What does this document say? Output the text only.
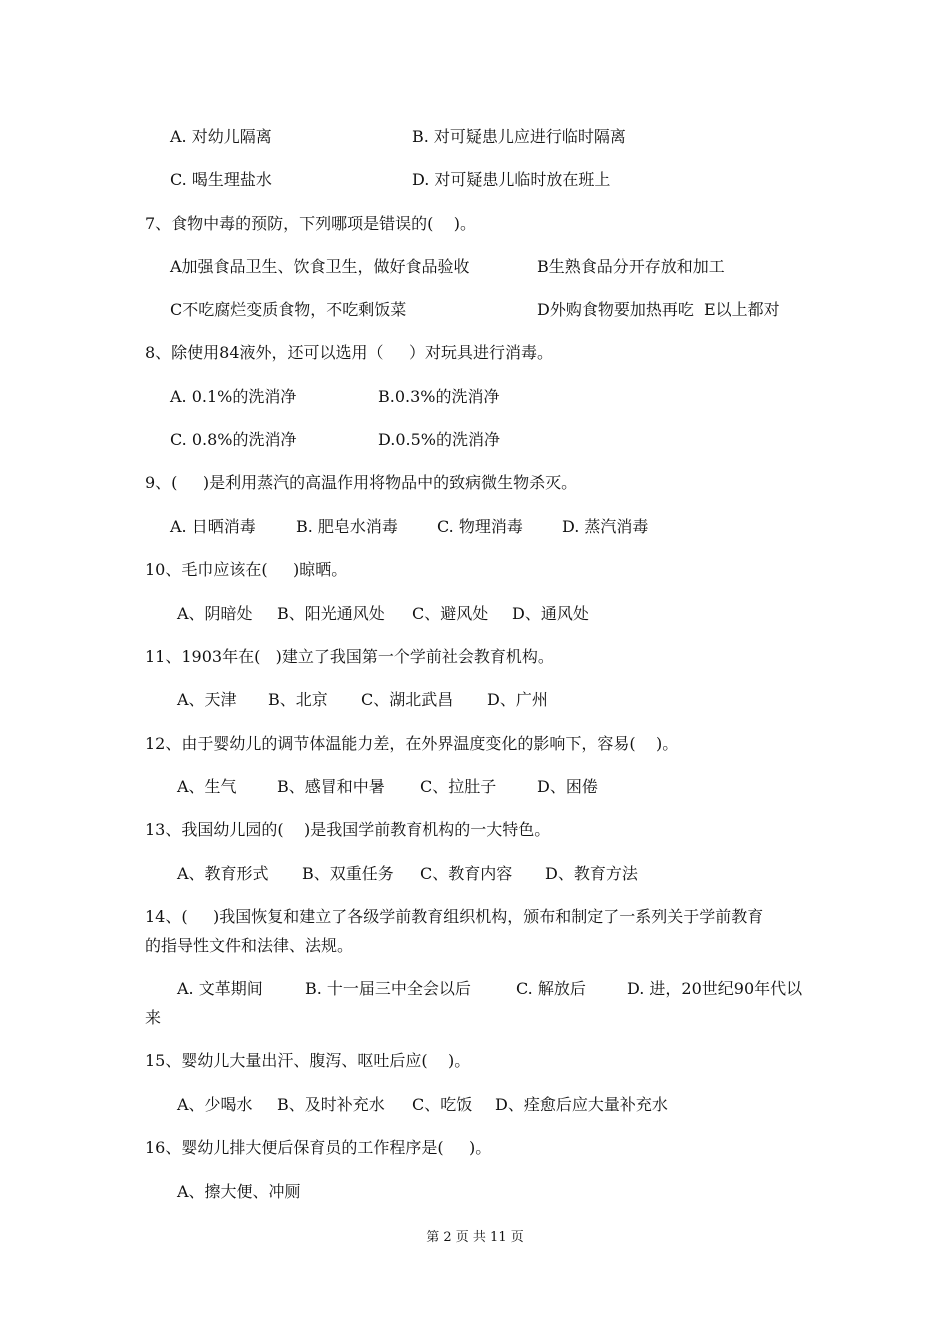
A. 对幼儿隔离	B. 对可疑患儿应进行临时隔离
C. 喝生理盐水	D. 对可疑患儿临时放在班上
7、食物中毒的预防，下列哪项是错误的(    )。
A加强食品卫生、饮食卫生，做好食品验收	B生熟食品分开存放和加工
C不吃腐烂变质食物，不吃剩饭菜	D外购食物要加热再吃  E以上都对
8、除使用84液外，还可以选用（     ）对玩具进行消毒。
A. 0.1%的洗消净	B.0.3%的洗消净
C. 0.8%的洗消净	D.0.5%的洗消净
9、(     )是利用蒸汽的高温作用将物品中的致病微生物杀灭。
A. 日晒消毒	B. 肥皂水消毒 C. 物理消毒 D. 蒸汽消毒
10、毛巾应该在(     )晾晒。
A、阴暗处 B、阳光通风处 C、避风处 D、通风处
11、1903年在(   )建立了我国第一个学前社会教育机构。
A、天津 B、北京 C、湖北武昌 D、广州
12、由于婴幼儿的调节体温能力差，在外界温度变化的影响下，容易(    )。
A、生气	B、感冒和中暑 C、拉肚子	D、困倦
13、我国幼儿园的(    )是我国学前教育机构的一大特色。
A、教育形式 B、双重任务 C、教育内容 D、教育方法
14、(     )我国恢复和建立了各级学前教育组织机构，颁布和制定了一系列关于学前教育
的指导性文件和法律、法规。
A. 文革期间	B. 十一届三中全会以后	C. 解放后	D. 进，20世纪90年代以
来
15、婴幼儿大量出汗、腹泻、呕吐后应(    )。
A、少喝水 B、及时补充水 C、吃饭 D、痊愈后应大量补充水
16、婴幼儿排大便后保育员的工作程序是(     )。
A、擦大便、冲厕
第 2 页 共 11 页
